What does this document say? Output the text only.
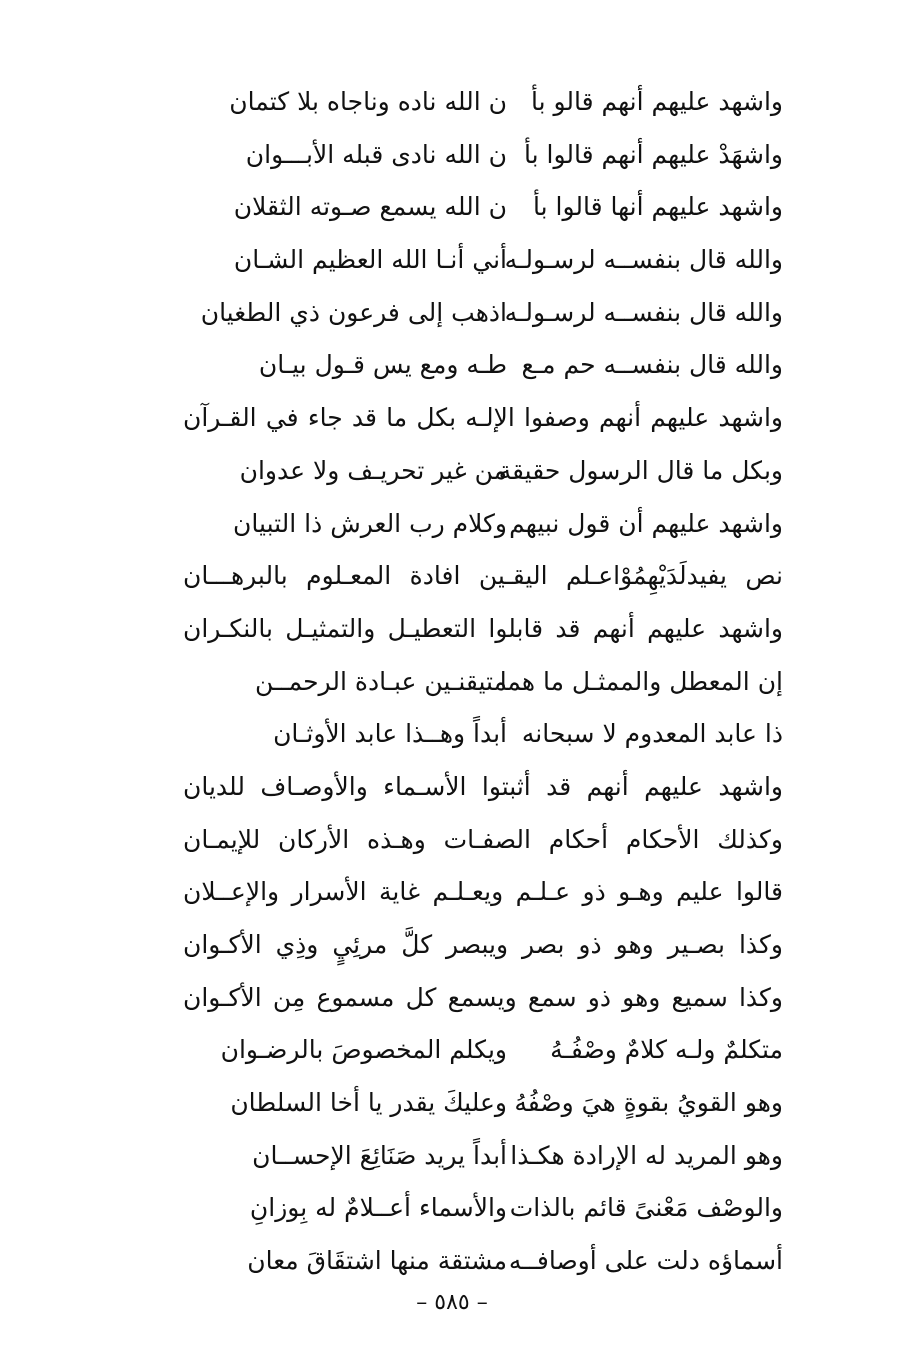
واشهد عليهم أنهم قالو بأ
ن الله ناده وناجاه بلا كتمان
واشهَدْ عليهم أنهم قالوا بأ
ن الله نادى قبله الأبـــوان
واشهد عليهم أنها قالوا بأ
ن الله يسمع صـوته الثقلان
والله قال بنفســه لرسـولـه
أني أنـا الله العظيم الشـان
والله قال بنفســه لرسـولـه
اذهب إلى فرعون ذي الطغيان
والله قال بنفســه حم مـع
طـه ومع يس قـول بيـان
واشهد عليهم أنهم وصفوا الإلـه بكل ما قد جاء في القـرآن
وبكل ما قال الرسول حقيقة
من غير تحريـف ولا عدوان
واشهد عليهم أن قول نبيهم
وكلام رب العرش ذا التبيان
نص يفيدلَدَيْهِمُوْاعـلم اليقـين افادة المعـلوم بالبرهـــان
واشهد عليهم أنهم قد قابلوا التعطيـل والتمثيـل بالنكـران
إن المعطل والممثـل ما هما
متيقنـين عبـادة الرحمــن
ذا عابد المعدوم لا سبحانه
أبداً وهــذا عابد الأوثـان
واشهد عليهم أنهم قد أثبتوا الأسـماء والأوصـاف للديان
وكذلك الأحكام أحكام الصفـات وهـذه الأركان للإيمـان
قالوا عليم وهـو ذو عـلـم ويعـلـم غاية الأسرار والإعــلان
وكذا بصـير وهو ذو بصر ويبصر كلَّ مرئِيٍ وذِي الأكـوان
وكذا سميع وهو ذو سمع ويسمع كل مسموع مِن الأكـوان
متكلمٌ ولـه كلامٌ وصْفُـهُ
ويكلم المخصوصَ بالرضـوان
وهو القويُ بقوةٍ هيَ وصْفُهُ
وعليكَ يقدر يا أخا السلطان
وهو المريد له الإرادة هكـذا
أبداً يريد صَنَائِعَ الإحســان
والوصْف مَعْنىً قائم بالذات
والأسماء أعــلامٌ له بِوزانِ
أسماؤه دلت على أوصافــه
مشتقة منها اشتقَاقَ معان
– ٥٨٥ –
